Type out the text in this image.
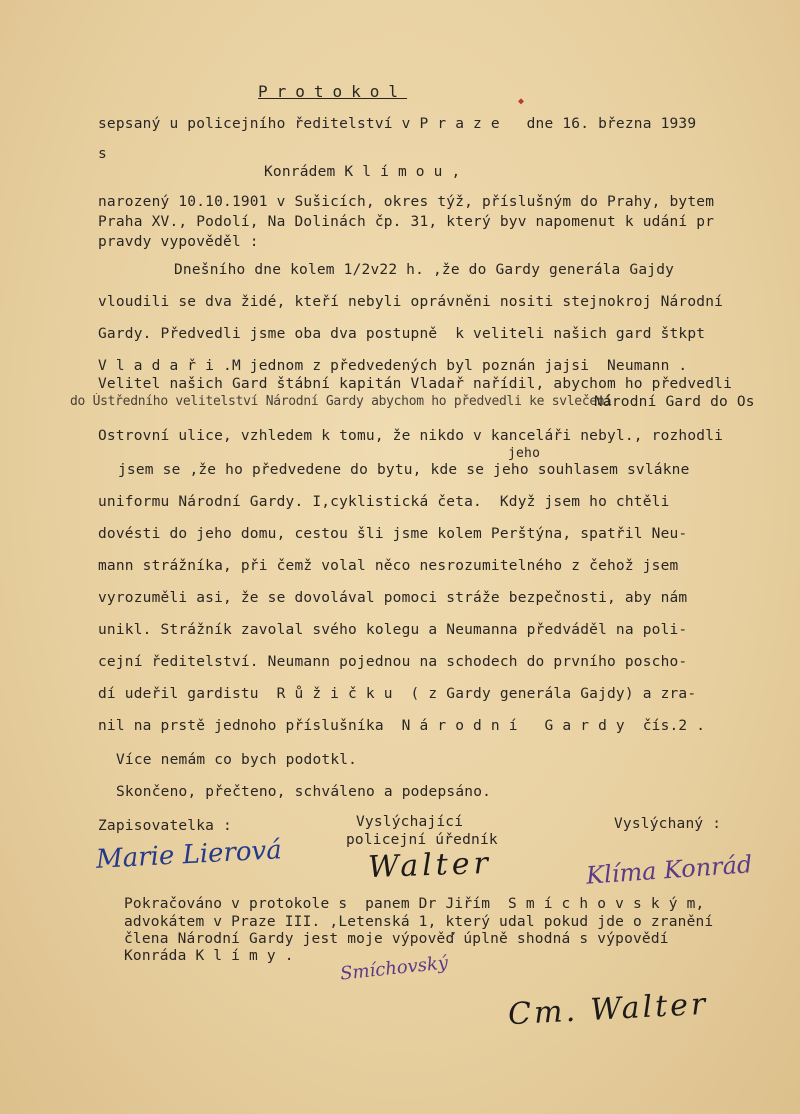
Protokol
◆
sepsaný u policejního ředitelství v P r a z e   dne 16. března 1939
s
Konrádem K l í m o u ,
narozený 10.10.1901 v Sušicích, okres týž, příslušným do Prahy, bytem
Praha XV., Podolí, Na Dolinách čp. 31, který byv napomenut k udání pr
pravdy vypověděl :
Dnešního dne kolem 1/2v22 h. ,že do Gardy generála Gajdy
vloudili se dva židé, kteří nebyli oprávněni nositi stejnokroj Národní
Gardy. Předvedli jsme oba dva postupně  k veliteli našich gard štkpt
V l a d a ř i .M jednom z předvedených byl poznán jajsi  Neumann .
Velitel našich Gard štábní kapitán Vladař nařídil, abychom ho předvedli
do Ústředního velitelství Národní Gardy abychom ho předvedli ke svlečení
Národní Gard do Os
jeho
Ostrovní ulice, vzhledem k tomu, že nikdo v kanceláři nebyl., rozhodli
jsem se ,že ho předvedene do bytu, kde se jeho souhlasem svlákne
uniformu Národní Gardy. I,cyklistická četa.  Když jsem ho chtěli
dovésti do jeho domu, cestou šli jsme kolem Perštýna, spatřil Neu-
mann strážníka, při čemž volal něco nesrozumitelného z čehož jsem
vyrozuměli asi, že se dovolával pomoci stráže bezpečnosti, aby nám
unikl. Strážník zavolal svého kolegu a Neumanna předváděl na poli-
cejní ředitelství. Neumann pojednou na schodech do prvního poscho-
dí udeřil gardistu  R ů ž i č k u  ( z Gardy generála Gajdy) a zra-
nil na prstě jednoho příslušníka  N á r o d n í   G a r d y  čís.2 .
Více nemám co bych podotkl.
Skončeno, přečteno, schváleno a podepsáno.
Zapisovatelka :	Vyslýchající
policejní úředník
Vyslýchaný :
Marie Lierová	Walter	Klíma Konrád
Pokračováno v protokole s  panem Dr Jiřím  S m í c h o v s k ý m,
advokátem v Praze III. ,Letenská 1, který udal pokud jde o zranění
člena Národní Gardy jest moje výpověď úplně shodná s výpovědí
Konráda K l í m y .	Smíchovský
Cm. Walter
